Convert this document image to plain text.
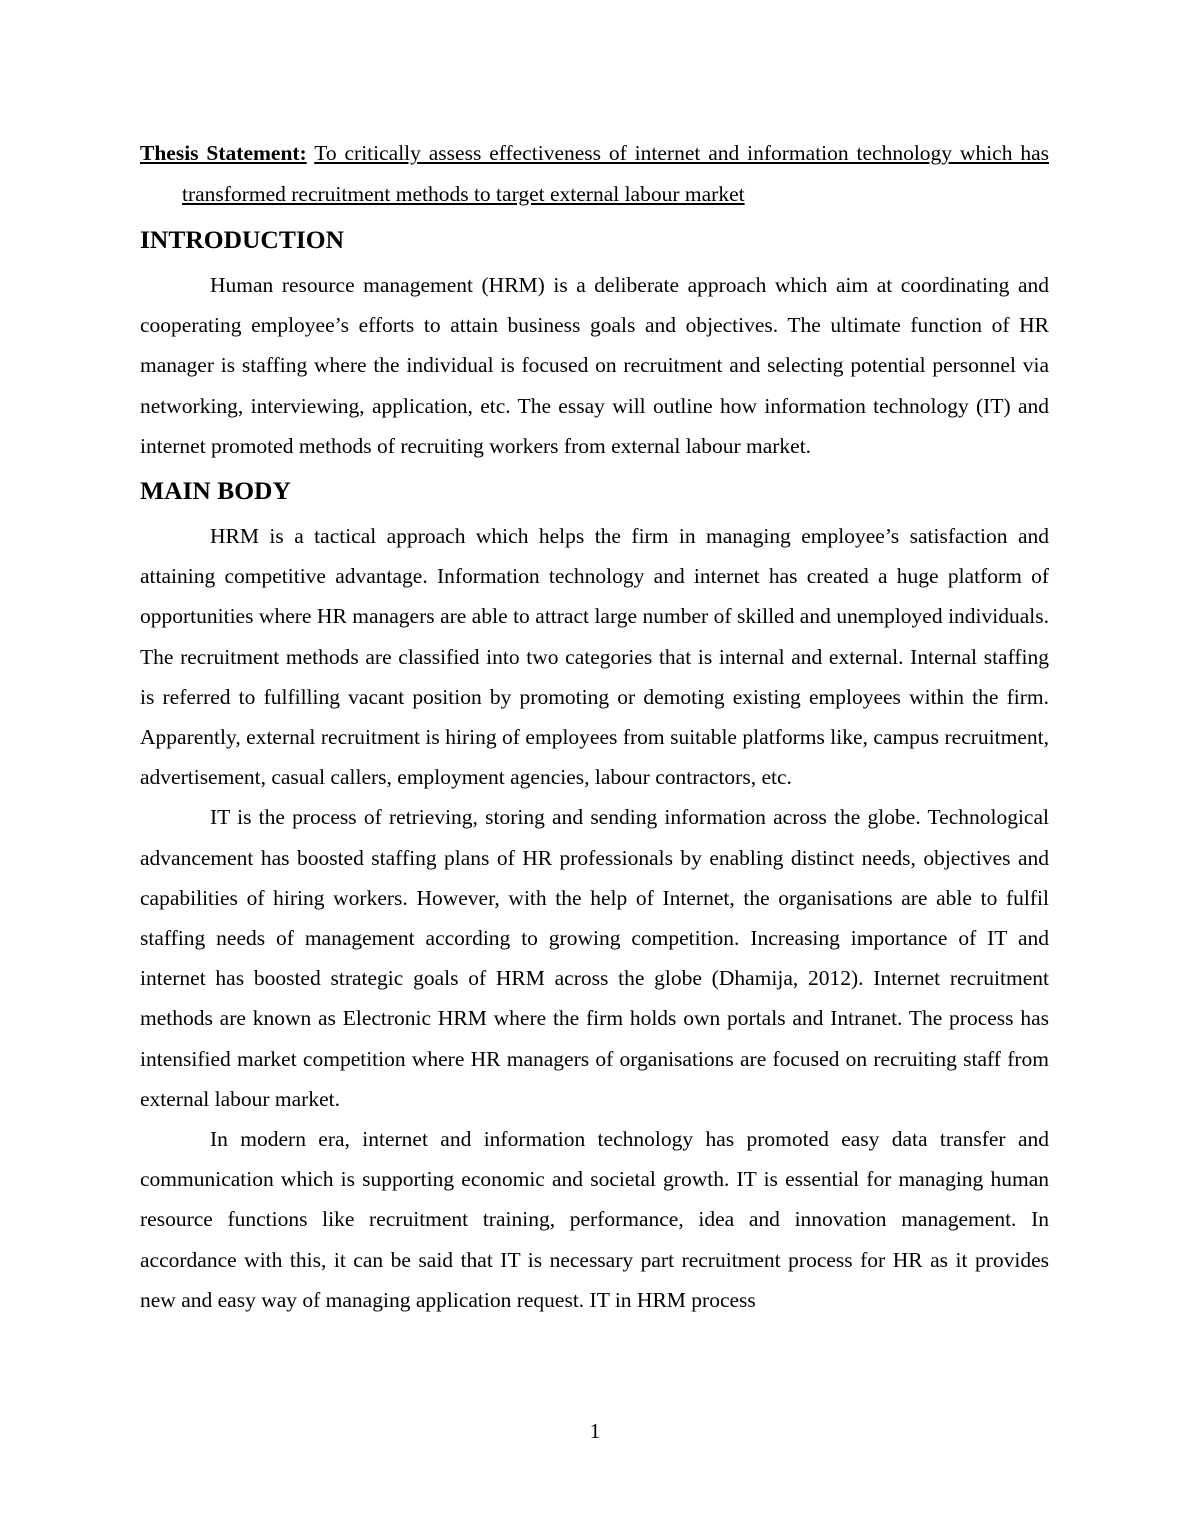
Thesis Statement: To critically assess effectiveness of internet and information technology which has transformed recruitment methods to target external labour market

INTRODUCTION

Human resource management (HRM) is a deliberate approach which aim at coordinating and cooperating employee’s efforts to attain business goals and objectives. The ultimate function of HR manager is staffing where the individual is focused on recruitment and selecting potential personnel via networking, interviewing, application, etc. The essay will outline how information technology (IT) and internet promoted methods of recruiting workers from external labour market.

MAIN BODY

HRM is a tactical approach which helps the firm in managing employee’s satisfaction and attaining competitive advantage. Information technology and internet has created a huge platform of opportunities where HR managers are able to attract large number of skilled and unemployed individuals. The recruitment methods are classified into two categories that is internal and external. Internal staffing is referred to fulfilling vacant position by promoting or demoting existing employees within the firm. Apparently, external recruitment is hiring of employees from suitable platforms like, campus recruitment, advertisement, casual callers, employment agencies, labour contractors, etc.

IT is the process of retrieving, storing and sending information across the globe. Technological advancement has boosted staffing plans of HR professionals by enabling distinct needs, objectives and capabilities of hiring workers. However, with the help of Internet, the organisations are able to fulfil staffing needs of management according to growing competition. Increasing importance of IT and internet has boosted strategic goals of HRM across the globe (Dhamija, 2012). Internet recruitment methods are known as Electronic HRM where the firm holds own portals and Intranet. The process has intensified market competition where HR managers of organisations are focused on recruiting staff from external labour market.

In modern era, internet and information technology has promoted easy data transfer and communication which is supporting economic and societal growth. IT is essential for managing human resource functions like recruitment training, performance, idea and innovation management. In accordance with this, it can be said that IT is necessary part recruitment process for HR as it provides new and easy way of managing application request. IT in HRM process

1
